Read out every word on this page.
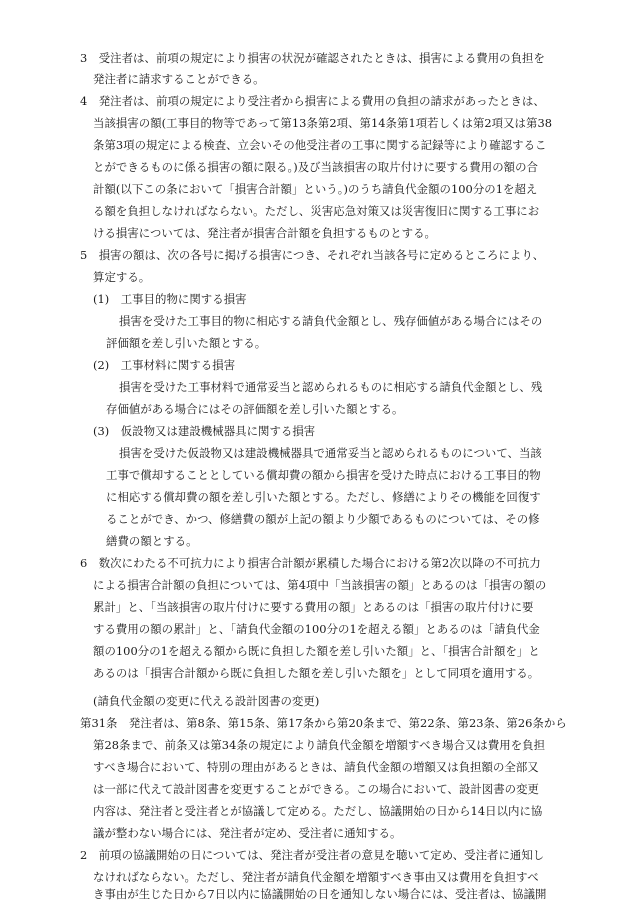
3　受注者は、前項の規定により損害の状況が確認されたときは、損害による費用の負担を
発注者に請求することができる。
4　発注者は、前項の規定により受注者から損害による費用の負担の請求があったときは、
当該損害の額(工事目的物等であって第13条第2項、第14条第1項若しくは第2項又は第38
条第3項の規定による検査、立会いその他受注者の工事に関する記録等により確認するこ
とができるものに係る損害の額に限る。)及び当該損害の取片付けに要する費用の額の合
計額(以下この条において「損害合計額」という。)のうち請負代金額の100分の1を超え
る額を負担しなければならない。ただし、災害応急対策又は災害復旧に関する工事にお
ける損害については、発注者が損害合計額を負担するものとする。
5　損害の額は、次の各号に掲げる損害につき、それぞれ当該各号に定めるところにより、
算定する。
(1)　工事目的物に関する損害
損害を受けた工事目的物に相応する請負代金額とし、残存価値がある場合にはその
評価額を差し引いた額とする。
(2)　工事材料に関する損害
損害を受けた工事材料で通常妥当と認められるものに相応する請負代金額とし、残
存価値がある場合にはその評価額を差し引いた額とする。
(3)　仮設物又は建設機械器具に関する損害
損害を受けた仮設物又は建設機械器具で通常妥当と認められるものについて、当該
工事で償却することとしている償却費の額から損害を受けた時点における工事目的物
に相応する償却費の額を差し引いた額とする。ただし、修繕によりその機能を回復す
ることができ、かつ、修繕費の額が上記の額より少額であるものについては、その修
繕費の額とする。
6　数次にわたる不可抗力により損害合計額が累積した場合における第2次以降の不可抗力
による損害合計額の負担については、第4項中「当該損害の額」とあるのは「損害の額の
累計」と、「当該損害の取片付けに要する費用の額」とあるのは「損害の取片付けに要
する費用の額の累計」と、「請負代金額の100分の1を超える額」とあるのは「請負代金
額の100分の1を超える額から既に負担した額を差し引いた額」と、「損害合計額を」と
あるのは「損害合計額から既に負担した額を差し引いた額を」として同項を適用する。
(請負代金額の変更に代える設計図書の変更)
第31条　発注者は、第8条、第15条、第17条から第20条まで、第22条、第23条、第26条から
第28条まで、前条又は第34条の規定により請負代金額を増額すべき場合又は費用を負担
すべき場合において、特別の理由があるときは、請負代金額の増額又は負担額の全部又
は一部に代えて設計図書を変更することができる。この場合において、設計図書の変更
内容は、発注者と受注者とが協議して定める。ただし、協議開始の日から14日以内に協
議が整わない場合には、発注者が定め、受注者に通知する。
2　前項の協議開始の日については、発注者が受注者の意見を聴いて定め、受注者に通知し
なければならない。ただし、発注者が請負代金額を増額すべき事由又は費用を負担すべ
き事由が生じた日から7日以内に協議開始の日を通知しない場合には、受注者は、協議開
